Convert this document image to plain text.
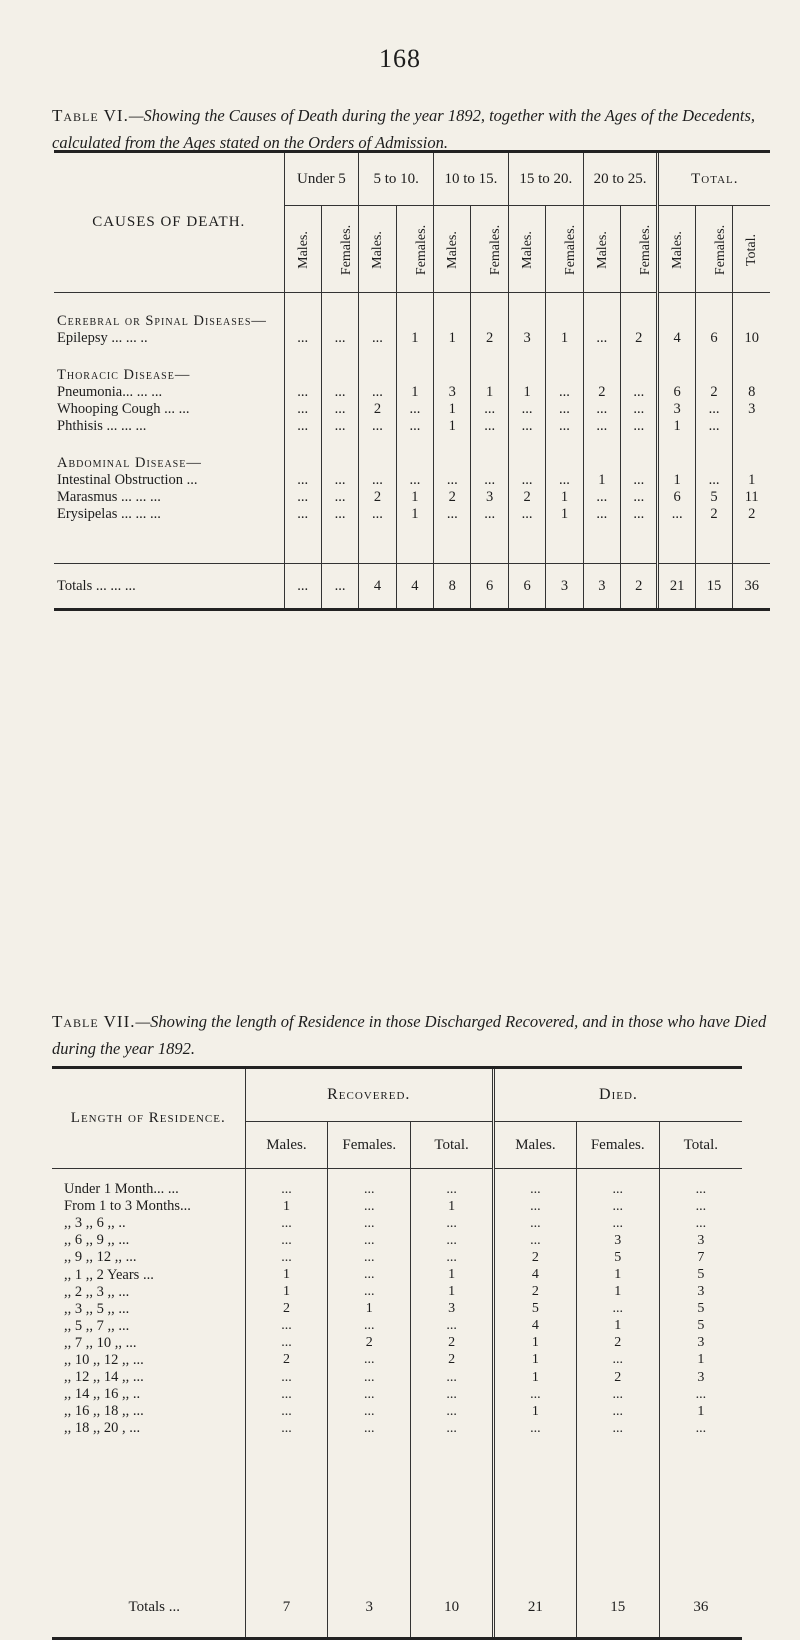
168
Table VI.—Showing the Causes of Death during the year 1892, together with the Ages of the Decedents, calculated from the Ages stated on the Orders of Admission.
CAUSES OF DEATH.	Under 5		5 to 10.		10 to 15.		15 to 20.		20 to 25.		Total.		
	Males.	Females.	Males.	Females.	Males.	Females.	Males.	Females.	Males.	Females.	Males.	Females.	Total.

Cerebral or Spinal Diseases—													
Epilepsy ... ... ..	...	...	...	1	1	2	3	1	...	2	4	6	10

Thoracic Disease—													
Pneumonia... ... ...	...	...	...	1	3	1	1	...	2	...	6	2	8
Whooping Cough ... ...	...	...	2	...	1	...	...	...	...	...	3	...	3
Phthisis ... ... ...	...	...	...	...	1	...	...	...	...	...	1	...	

Abdominal Disease—													
Intestinal Obstruction ...	...	...	...	...	...	...	...	...	1	...	1	...	1
Marasmus ... ... ...	...	...	2	1	2	3	2	1	...	...	6	5	11
Erysipelas ... ... ...	...	...	...	1	...	...	...	1	...	...	...	2	2

Totals ... ... ...	...	...	4	4	8	6	6	3	3	2	21	15	36
Table VII.—Showing the length of Residence in those Discharged Recovered, and in those who have Died during the year 1892.
Length of Residence.	Recovered.			Died.		
	Males.	Females.	Total.	Males.	Females.	Total.

Under 1 Month... ...	...	...	...	...	...	...
From 1 to 3 Months...	1	...	1	...	...	...
,, 3 ,, 6 ,, ..	...	...	...	...	...	...
,, 6 ,, 9 ,, ...	...	...	...	...	3	3
,, 9 ,, 12 ,, ...	...	...	...	2	5	7
,, 1 ,, 2 Years ...	1	...	1	4	1	5
,, 2 ,, 3 ,, ...	1	...	1	2	1	3
,, 3 ,, 5 ,, ...	2	1	3	5	...	5
,, 5 ,, 7 ,, ...	...	...	...	4	1	5
,, 7 ,, 10 ,, ...	...	2	2	1	2	3
,, 10 ,, 12 ,, ...	2	...	2	1	...	1
,, 12 ,, 14 ,, ...	...	...	...	1	2	3
,, 14 ,, 16 ,, ..	...	...	...	...	...	...
,, 16 ,, 18 ,, ...	...	...	...	1	...	1
,, 18 ,, 20 , ...	...	...	...	...	...	...

Totals ...	7	3	10	21	15	36
